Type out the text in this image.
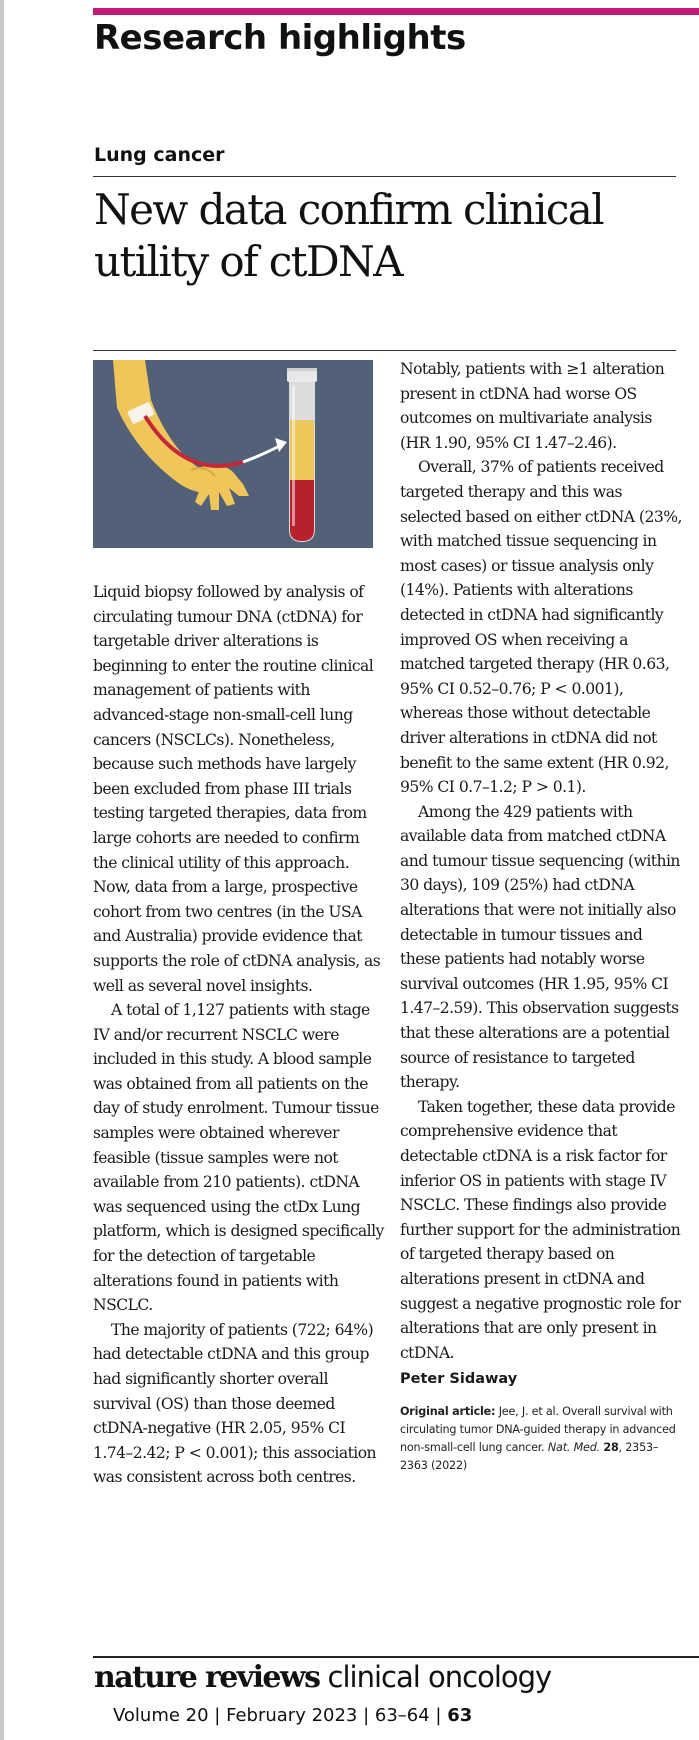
Research highlights
Lung cancer
New data confirm clinical utility of ctDNA

Liquid biopsy followed by analysis of circulating tumour DNA (ctDNA) for targetable driver alterations is beginning to enter the routine clinical management of patients with advanced-stage non-small-cell lung cancers (NSCLCs). Nonetheless, because such methods have largely been excluded from phase III trials testing targeted therapies, data from large cohorts are needed to confirm the clinical utility of this approach. Now, data from a large, prospective cohort from two centres (in the USA and Australia) provide evidence that supports the role of ctDNA analysis, as well as several novel insights.

A total of 1,127 patients with stage IV and/or recurrent NSCLC were included in this study. A blood sample was obtained from all patients on the day of study enrolment. Tumour tissue samples were obtained wherever feasible (tissue samples were not available from 210 patients). ctDNA was sequenced using the ctDx Lung platform, which is designed specifically for the detection of targetable alterations found in patients with NSCLC.

The majority of patients (722; 64%) had detectable ctDNA and this group had significantly shorter overall survival (OS) than those deemed ctDNA-negative (HR 2.05, 95% CI 1.74–2.42; P < 0.001); this association was consistent across both centres.

Notably, patients with ≥1 alteration present in ctDNA had worse OS outcomes on multivariate analysis (HR 1.90, 95% CI 1.47–2.46).

Overall, 37% of patients received targeted therapy and this was selected based on either ctDNA (23%, with matched tissue sequencing in most cases) or tissue analysis only (14%). Patients with alterations detected in ctDNA had significantly improved OS when receiving a matched targeted therapy (HR 0.63, 95% CI 0.52–0.76; P < 0.001), whereas those without detectable driver alterations in ctDNA did not benefit to the same extent (HR 0.92, 95% CI 0.7–1.2; P > 0.1).

Among the 429 patients with available data from matched ctDNA and tumour tissue sequencing (within 30 days), 109 (25%) had ctDNA alterations that were not initially also detectable in tumour tissues and these patients had notably worse survival outcomes (HR 1.95, 95% CI 1.47–2.59). This observation suggests that these alterations are a potential source of resistance to targeted therapy.

Taken together, these data provide comprehensive evidence that detectable ctDNA is a risk factor for inferior OS in patients with stage IV NSCLC. These findings also provide further support for the administration of targeted therapy based on alterations present in ctDNA and suggest a negative prognostic role for alterations that are only present in ctDNA.

Peter Sidaway
Original article: Jee, J. et al. Overall survival with circulating tumor DNA-guided therapy in advanced non-small-cell lung cancer. Nat. Med. 28, 2353–2363 (2022)
nature reviews clinical oncology
Volume 20 | February 2023 | 63–64 | 63
